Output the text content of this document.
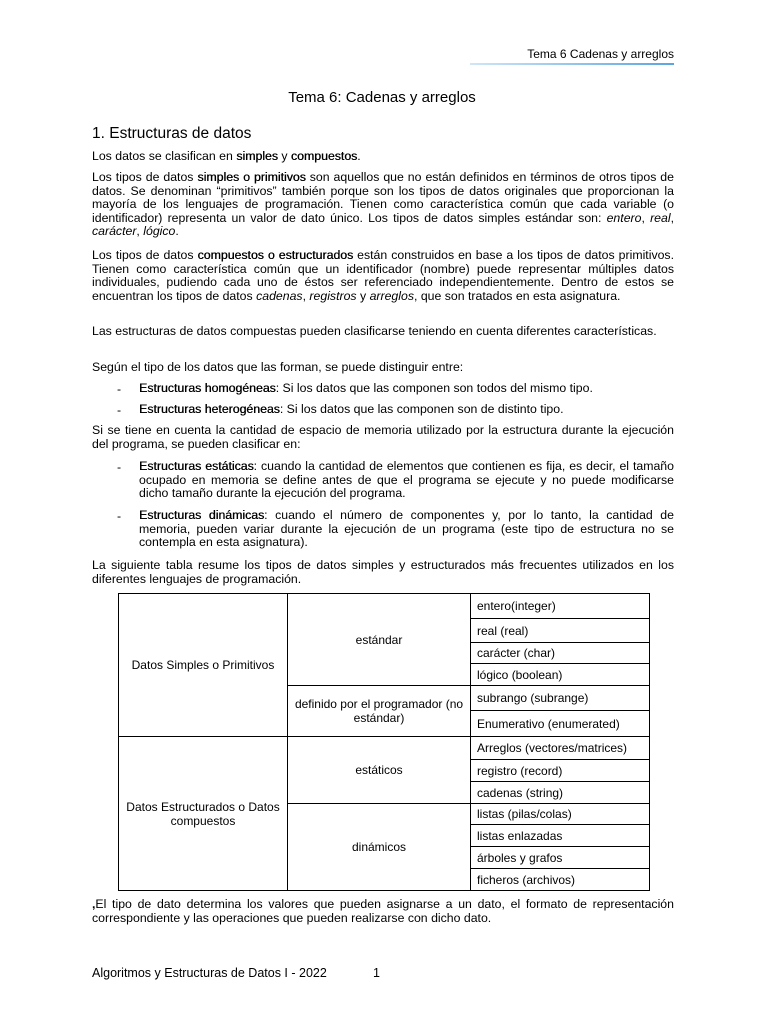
Tema 6 Cadenas y arreglos
Tema 6: Cadenas y arreglos
1. Estructuras de datos
Los datos se clasifican en simples y compuestos.
Los tipos de datos simples o primitivos son aquellos que no están definidos en términos de otros tipos de datos. Se denominan “primitivos” también porque son los tipos de datos originales que proporcionan la mayoría de los lenguajes de programación. Tienen como característica común que cada variable (o identificador) representa un valor de dato único. Los tipos de datos simples estándar son: entero, real, carácter, lógico.
Los tipos de datos compuestos o estructurados están construidos en base a los tipos de datos primitivos. Tienen como característica común que un identificador (nombre) puede representar múltiples datos individuales, pudiendo cada uno de éstos ser referenciado independientemente. Dentro de estos se encuentran los tipos de datos cadenas, registros y arreglos, que son tratados en esta asignatura.
Las estructuras de datos compuestas pueden clasificarse teniendo en cuenta diferentes características.
Según el tipo de los datos que las forman, se puede distinguir entre:
- Estructuras homogéneas: Si los datos que las componen son todos del mismo tipo.
- Estructuras heterogéneas: Si los datos que las componen son de distinto tipo.
Si se tiene en cuenta la cantidad de espacio de memoria utilizado por la estructura durante la ejecución del programa, se pueden clasificar en:
- Estructuras estáticas: cuando la cantidad de elementos que contienen es fija, es decir, el tamaño ocupado en memoria se define antes de que el programa se ejecute y no puede modificarse dicho tamaño durante la ejecución del programa.
- Estructuras dinámicas: cuando el número de componentes y, por lo tanto, la cantidad de memoria, pueden variar durante la ejecución de un programa (este tipo de estructura no se contempla en esta asignatura).
La siguiente tabla resume los tipos de datos simples y estructurados más frecuentes utilizados en los diferentes lenguajes de programación.
Datos Simples o Primitivos	estándar	entero(integer)
		real (real)
		carácter (char)
		lógico (boolean)
	definido por el programador (no estándar)	subrango (subrange)
		Enumerativo (enumerated)
Datos Estructurados o Datos compuestos	estáticos	Arreglos (vectores/matrices)
		registro (record)
		cadenas (string)
	dinámicos	listas (pilas/colas)
		listas enlazadas
		árboles y grafos
		ficheros (archivos)
,El tipo de dato determina los valores que pueden asignarse a un dato, el formato de representación correspondiente y las operaciones que pueden realizarse con dicho dato.
Algoritmos y Estructuras de Datos I - 2022	1
